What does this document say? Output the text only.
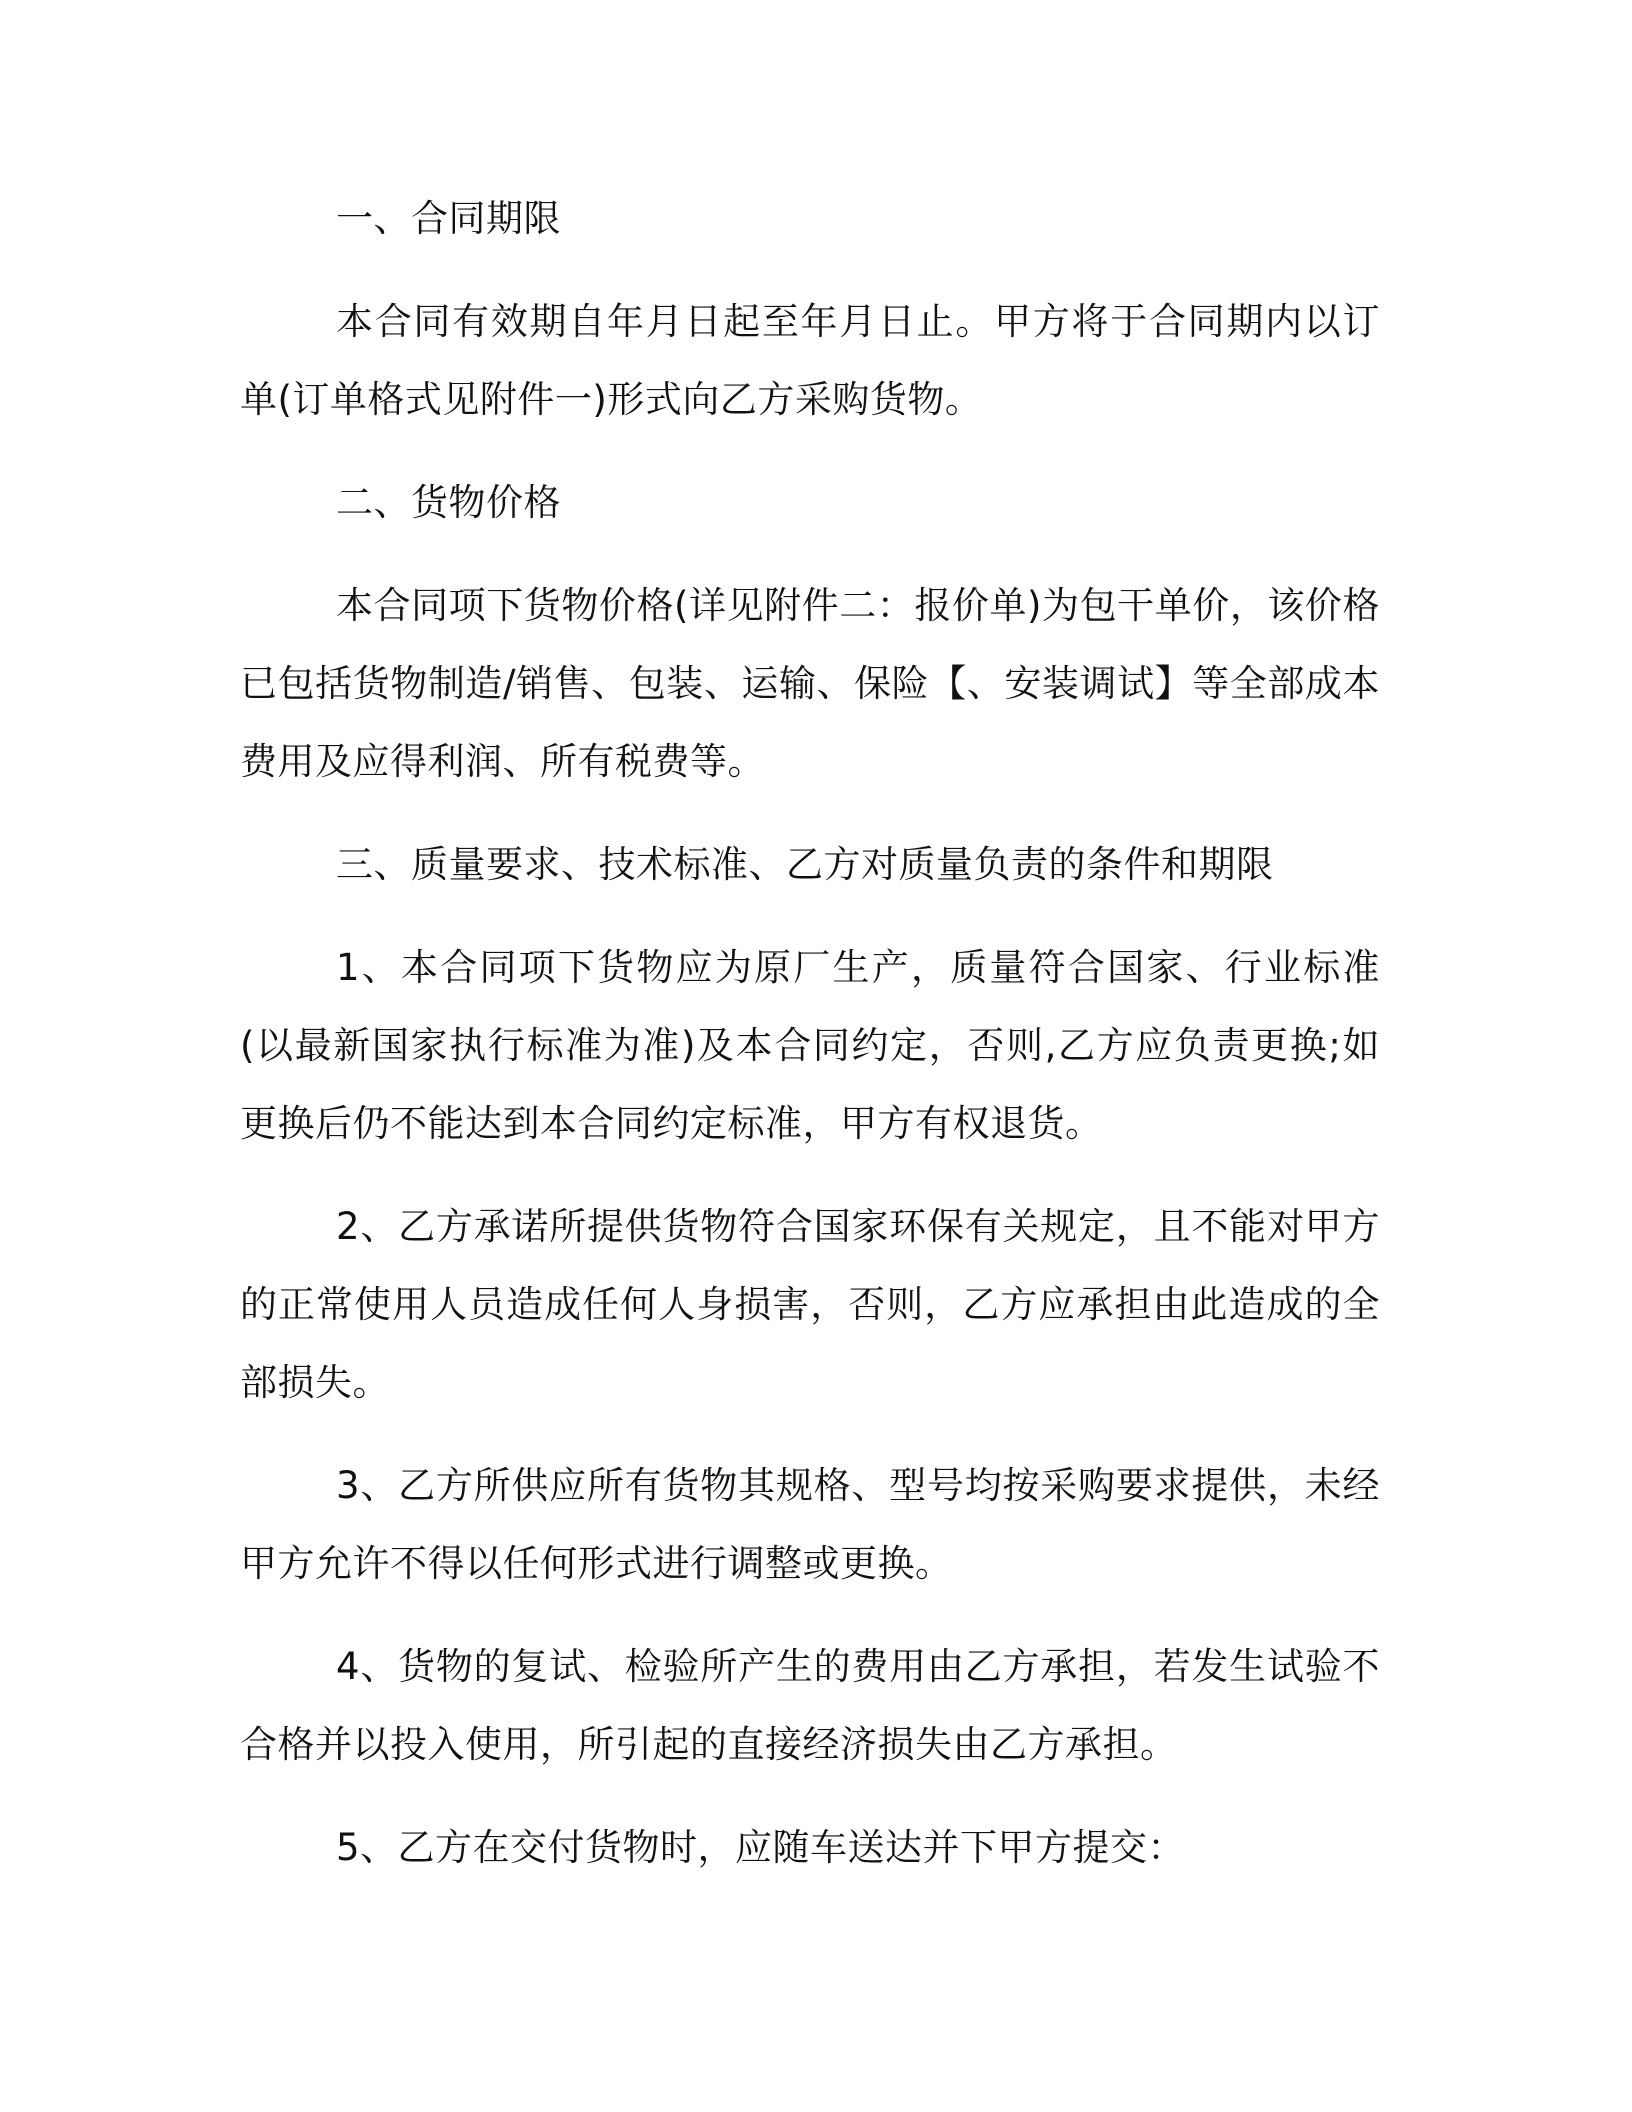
一、合同期限

本合同有效期自年月日起至年月日止。甲方将于合同期内以订单(订单格式见附件一)形式向乙方采购货物。

二、货物价格

本合同项下货物价格(详见附件二：报价单)为包干单价，该价格已包括货物制造/销售、包装、运输、保险【、安装调试】等全部成本费用及应得利润、所有税费等。

三、质量要求、技术标准、乙方对质量负责的条件和期限

1、本合同项下货物应为原厂生产，质量符合国家、行业标准(以最新国家执行标准为准)及本合同约定，否则,乙方应负责更换;如更换后仍不能达到本合同约定标准，甲方有权退货。

2、乙方承诺所提供货物符合国家环保有关规定，且不能对甲方的正常使用人员造成任何人身损害，否则，乙方应承担由此造成的全部损失。

3、乙方所供应所有货物其规格、型号均按采购要求提供，未经甲方允许不得以任何形式进行调整或更换。

4、货物的复试、检验所产生的费用由乙方承担，若发生试验不合格并以投入使用，所引起的直接经济损失由乙方承担。

5、乙方在交付货物时，应随车送达并下甲方提交：
